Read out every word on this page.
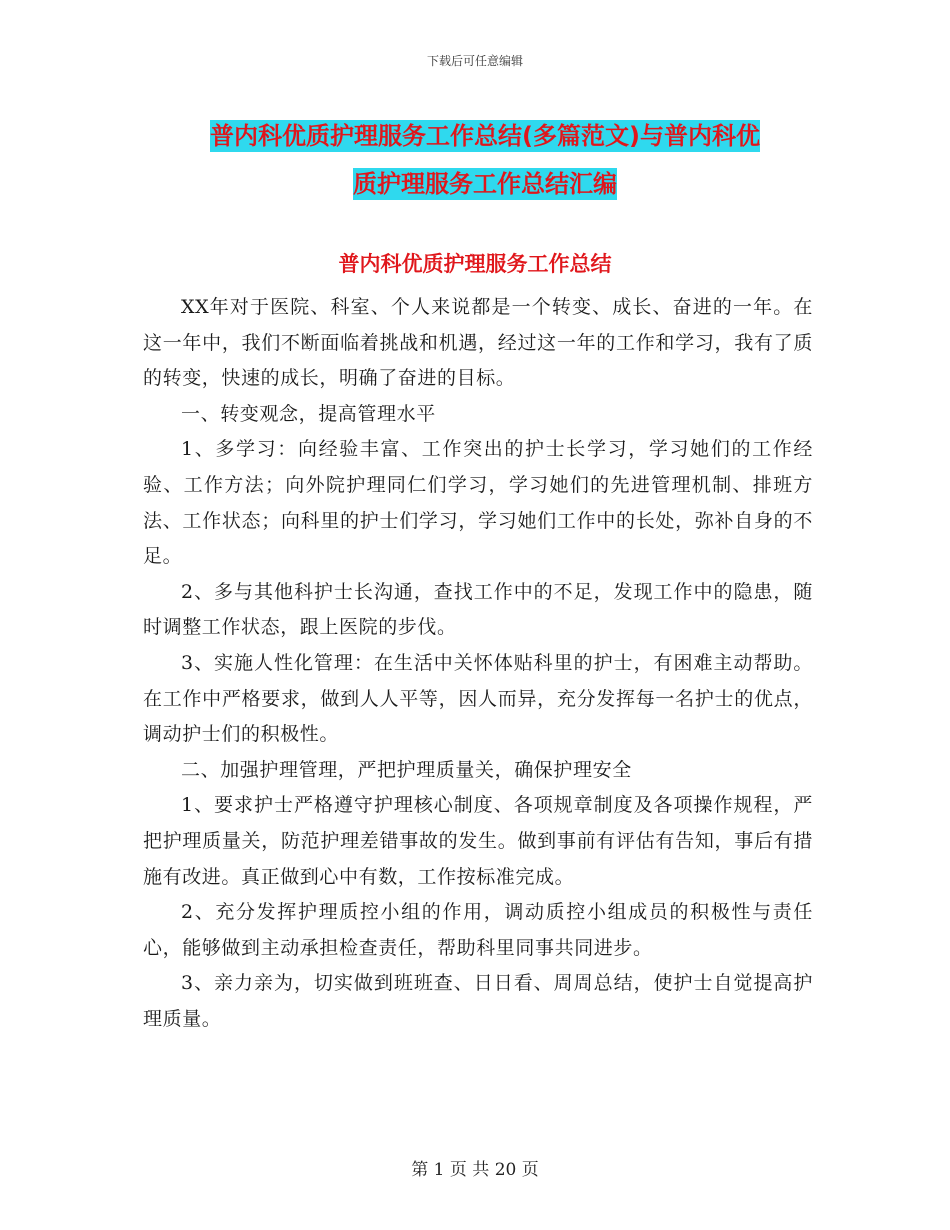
下载后可任意编辑
普内科优质护理服务工作总结(多篇范文)与普内科优
质护理服务工作总结汇编
普内科优质护理服务工作总结

XX年对于医院、科室、个人来说都是一个转变、成长、奋进的一年。在这一年中，我们不断面临着挑战和机遇，经过这一年的工作和学习，我有了质的转变，快速的成长，明确了奋进的目标。

一、转变观念，提高管理水平

1、多学习：向经验丰富、工作突出的护士长学习，学习她们的工作经验、工作方法；向外院护理同仁们学习，学习她们的先进管理机制、排班方法、工作状态；向科里的护士们学习，学习她们工作中的长处，弥补自身的不足。

2、多与其他科护士长沟通，查找工作中的不足，发现工作中的隐患，随时调整工作状态，跟上医院的步伐。

3、实施人性化管理：在生活中关怀体贴科里的护士，有困难主动帮助。在工作中严格要求，做到人人平等，因人而异，充分发挥每一名护士的优点，调动护士们的积极性。

二、加强护理管理，严把护理质量关，确保护理安全

1、要求护士严格遵守护理核心制度、各项规章制度及各项操作规程，严把护理质量关，防范护理差错事故的发生。做到事前有评估有告知，事后有措施有改进。真正做到心中有数，工作按标准完成。

2、充分发挥护理质控小组的作用，调动质控小组成员的积极性与责任心，能够做到主动承担检查责任，帮助科里同事共同进步。

3、亲力亲为，切实做到班班查、日日看、周周总结，使护士自觉提高护理质量。

第 1 页 共 20 页
